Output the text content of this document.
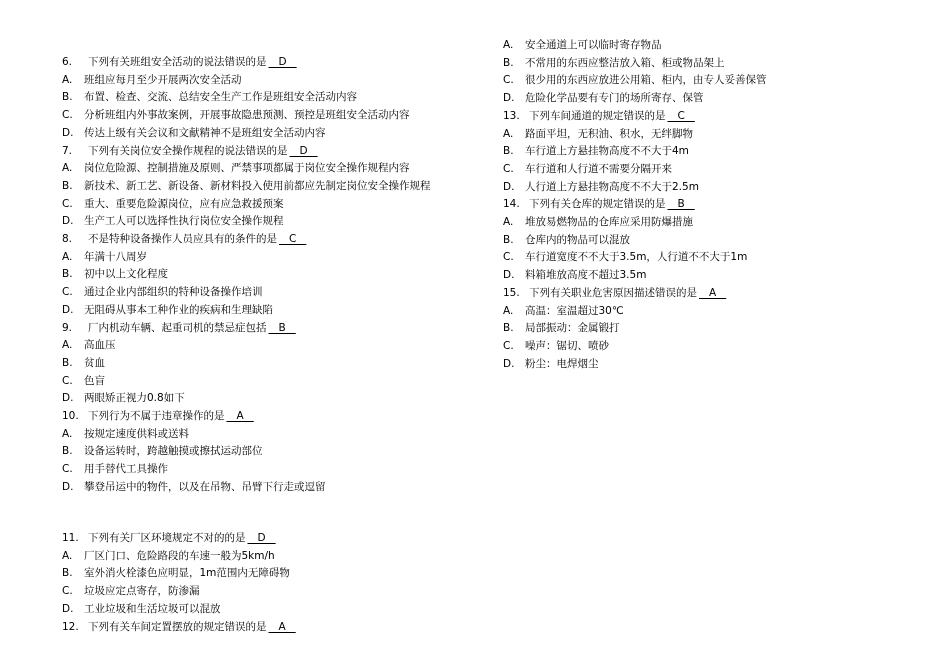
6. 下列有关班组安全活动的说法错误的是   D
A. 班组应每月至少开展两次安全活动
B. 布置、检查、交流、总结安全生产工作是班组安全活动内容
C. 分析班组内外事故案例，开展事故隐患预测、预控是班组安全活动内容
D. 传达上级有关会议和文献精神不是班组安全活动内容
7. 下列有关岗位安全操作规程的说法错误的是   D
A. 岗位危险源、控制措施及原则、严禁事项都属于岗位安全操作规程内容
B. 新技术、新工艺、新设备、新材料投入使用前都应先制定岗位安全操作规程
C. 重大、重要危险源岗位，应有应急救援预案
D. 生产工人可以选择性执行岗位安全操作规程
8. 不是特种设备操作人员应具有的条件的是   C
A. 年满十八周岁
B. 初中以上文化程度
C. 通过企业内部组织的特种设备操作培训
D. 无阻碍从事本工种作业的疾病和生理缺陷
9. 厂内机动车辆、起重司机的禁忌症包括   B
A. 高血压
B. 贫血
C. 色盲
D. 两眼矫正视力0.8如下
10. 下列行为不属于违章操作的是   A
A. 按规定速度供料或送料
B. 设备运转时，跨越触摸或擦拭运动部位
C. 用手替代工具操作
D. 攀登吊运中的物件，以及在吊物、吊臂下行走或逗留
11. 下列有关厂区环境规定不对的的是   D
A. 厂区门口、危险路段的车速一般为5km/h
B. 室外消火栓漆色应明显，1m范围内无障碍物
C. 垃圾应定点寄存，防渗漏
D. 工业垃圾和生活垃圾可以混放
12. 下列有关车间定置摆放的规定错误的是   A
A. 安全通道上可以临时寄存物品
B. 不常用的东西应整洁放入箱、柜或物品架上
C. 很少用的东西应放进公用箱、柜内，由专人妥善保管
D. 危险化学品要有专门的场所寄存、保管
13. 下列车间通道的规定错误的是   C
A. 路面平坦，无积油、积水，无绊脚物
B. 车行道上方悬挂物高度不不大于4m
C. 车行道和人行道不需要分隔开来
D. 人行道上方悬挂物高度不不大于2.5m
14. 下列有关仓库的规定错误的是   B
A. 堆放易燃物品的仓库应采用防爆措施
B. 仓库内的物品可以混放
C. 车行道宽度不不大于3.5m，人行道不不大于1m
D. 料箱堆放高度不超过3.5m
15. 下列有关职业危害原因描述错误的是   A
A. 高温：室温超过30℃
B. 局部振动：金属锻打
C. 噪声：锯切、喷砂
D. 粉尘：电焊烟尘
